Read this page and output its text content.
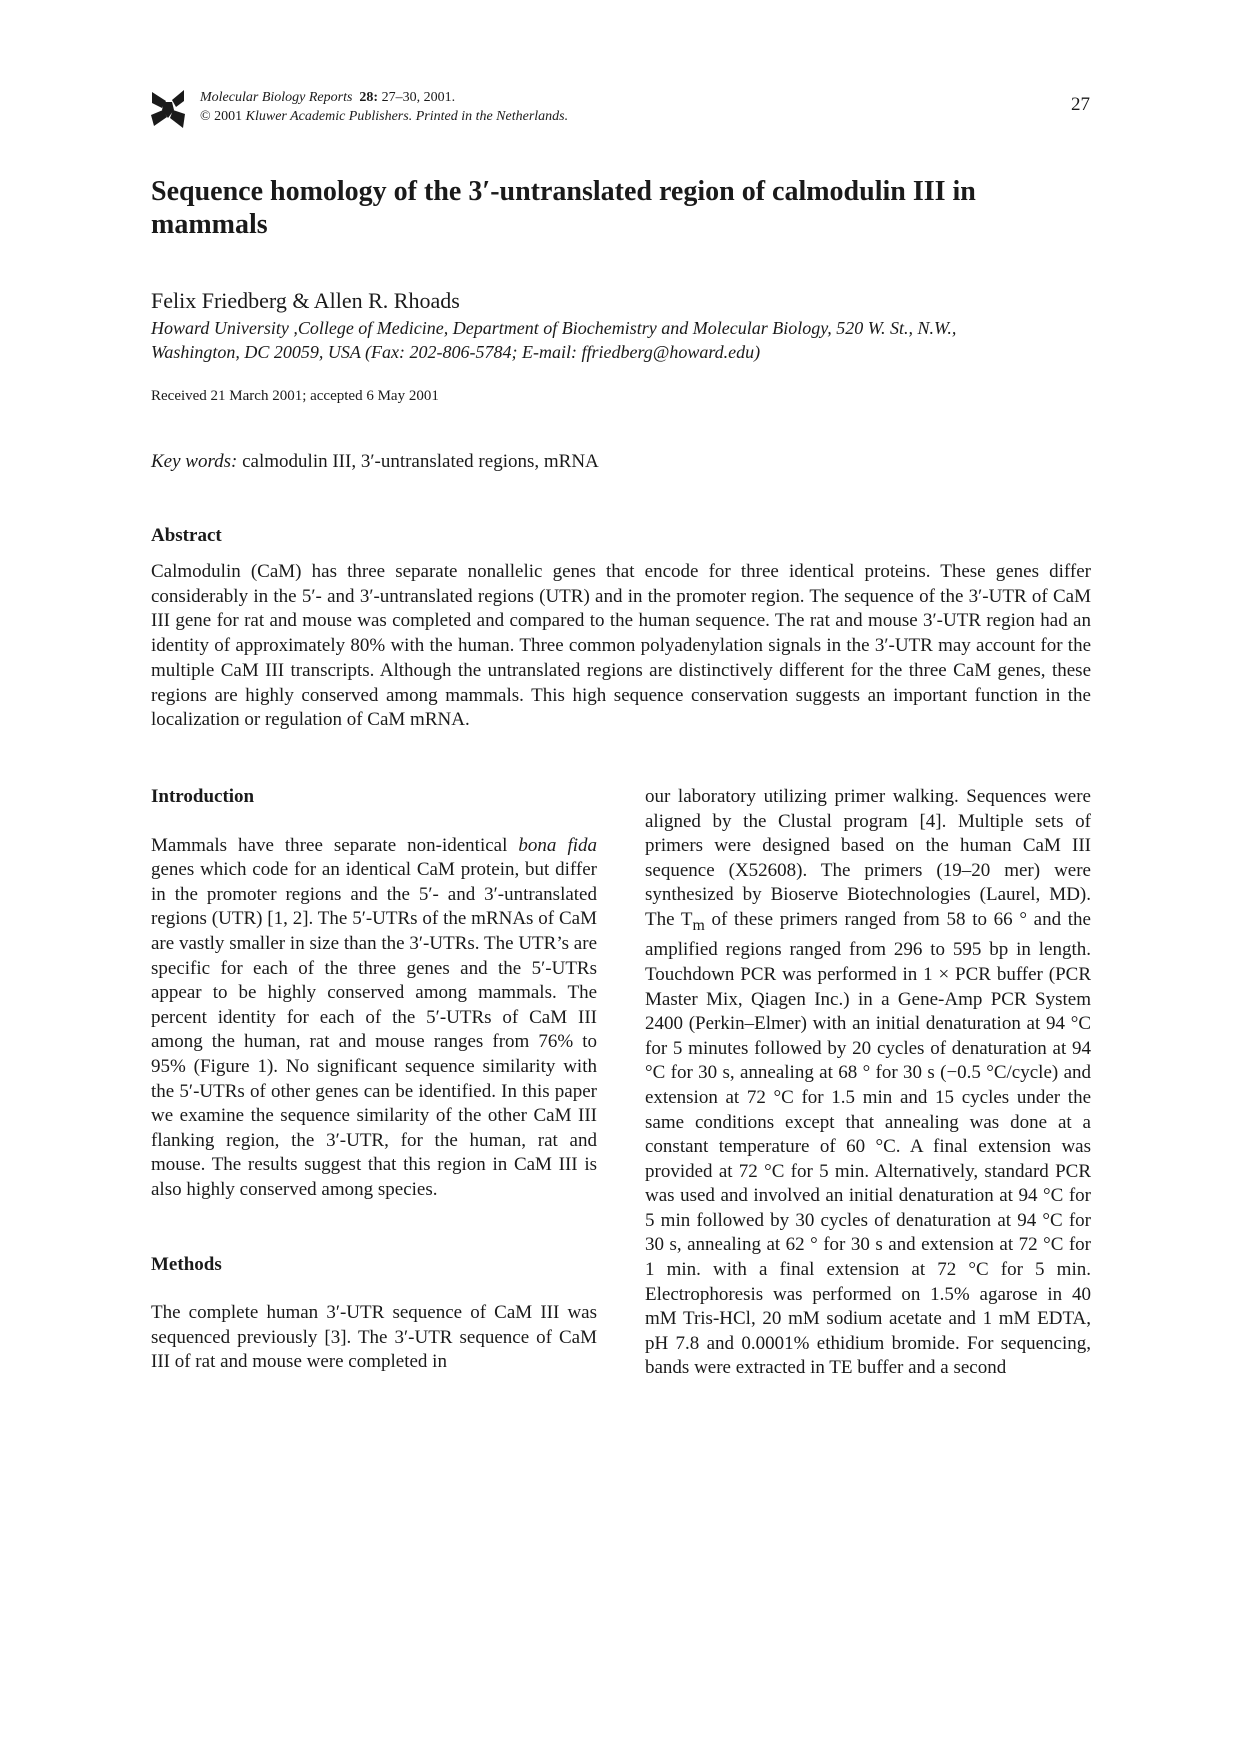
Molecular Biology Reports 28: 27–30, 2001.
© 2001 Kluwer Academic Publishers. Printed in the Netherlands.
27
Sequence homology of the 3′-untranslated region of calmodulin III in mammals
Felix Friedberg & Allen R. Rhoads
Howard University ,College of Medicine, Department of Biochemistry and Molecular Biology, 520 W. St., N.W.,
Washington, DC 20059, USA (Fax: 202-806-5784; E-mail: ffriedberg@howard.edu)
Received 21 March 2001; accepted 6 May 2001
Key words: calmodulin III, 3′-untranslated regions, mRNA
Abstract

Calmodulin (CaM) has three separate nonallelic genes that encode for three identical proteins. These genes differ considerably in the 5′- and 3′-untranslated regions (UTR) and in the promoter region. The sequence of the 3′-UTR of CaM III gene for rat and mouse was completed and compared to the human sequence. The rat and mouse 3′-UTR region had an identity of approximately 80% with the human. Three common polyadenylation signals in the 3′-UTR may account for the multiple CaM III transcripts. Although the untranslated regions are distinctively different for the three CaM genes, these regions are highly conserved among mammals. This high sequence conservation suggests an important function in the localization or regulation of CaM mRNA.

Introduction

Mammals have three separate non-identical bona fida genes which code for an identical CaM protein, but differ in the promoter regions and the 5′- and 3′-untranslated regions (UTR) [1, 2]. The 5′-UTRs of the mRNAs of CaM are vastly smaller in size than the 3′-UTRs. The UTR’s are specific for each of the three genes and the 5′-UTRs appear to be highly conserved among mammals. The percent identity for each of the 5′-UTRs of CaM III among the human, rat and mouse ranges from 76% to 95% (Figure 1). No significant sequence similarity with the 5′-UTRs of other genes can be identified. In this paper we examine the sequence similarity of the other CaM III flanking region, the 3′-UTR, for the human, rat and mouse. The results suggest that this region in CaM III is also highly conserved among species.

Methods

The complete human 3′-UTR sequence of CaM III was sequenced previously [3]. The 3′-UTR sequence of CaM III of rat and mouse were completed in

our laboratory utilizing primer walking. Sequences were aligned by the Clustal program [4]. Multiple sets of primers were designed based on the human CaM III sequence (X52608). The primers (19–20 mer) were synthesized by Bioserve Biotechnologies (Laurel, MD). The $T_m$ of these primers ranged from 58 to 66 ° and the amplified regions ranged from 296 to 595 bp in length. Touchdown PCR was performed in 1 × PCR buffer (PCR Master Mix, Qiagen Inc.) in a Gene-Amp PCR System 2400 (Perkin–Elmer) with an initial denaturation at 94 °C for 5 minutes followed by 20 cycles of denaturation at 94 °C for 30 s, annealing at 68 ° for 30 s (−0.5 °C/cycle) and extension at 72 °C for 1.5 min and 15 cycles under the same conditions except that annealing was done at a constant temperature of 60 °C. A final extension was provided at 72 °C for 5 min. Alternatively, standard PCR was used and involved an initial denaturation at 94 °C for 5 min followed by 30 cycles of denaturation at 94 °C for 30 s, annealing at 62 ° for 30 s and extension at 72 °C for 1 min. with a final extension at 72 °C for 5 min. Electrophoresis was performed on 1.5% agarose in 40 mM Tris-HCl, 20 mM sodium acetate and 1 mM EDTA, pH 7.8 and 0.0001% ethidium bromide. For sequencing, bands were extracted in TE buffer and a second
